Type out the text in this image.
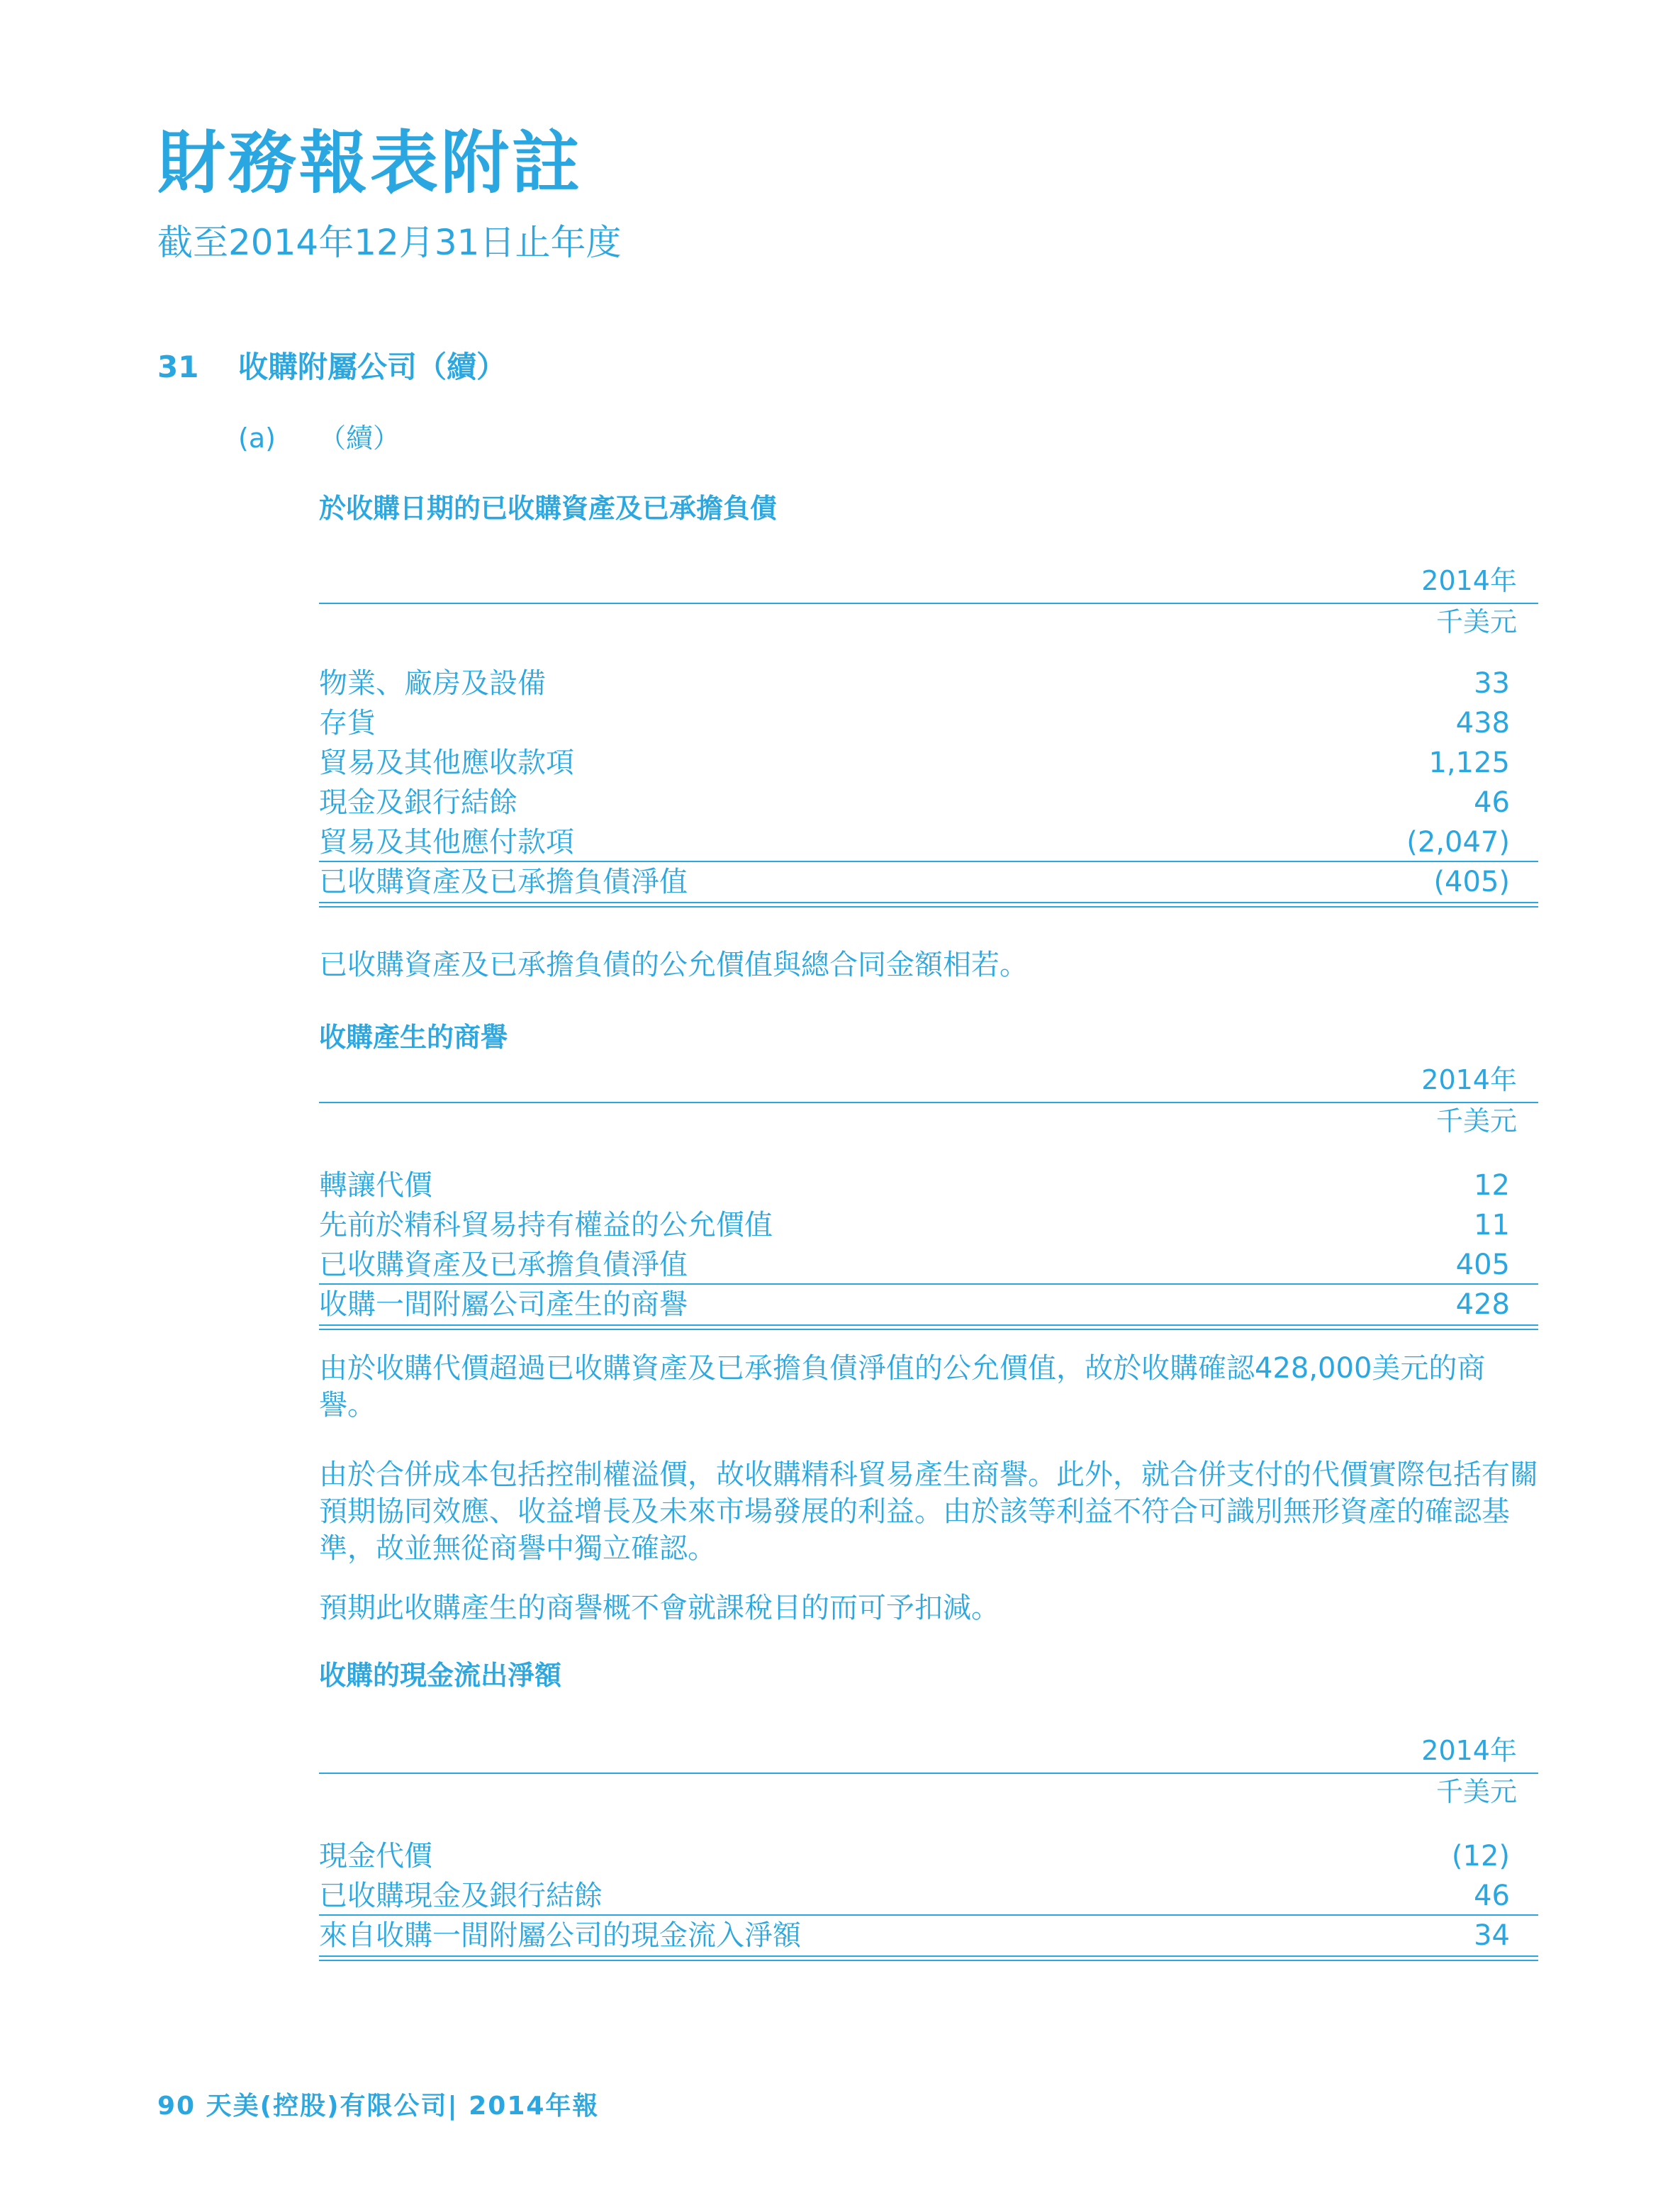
財務報表附註
截至2014年12月31日止年度
31 收購附屬公司（續）
(a) （續）
於收購日期的已收購資產及已承擔負債
2014年
千美元
物業、廠房及設備	33
存貨	438
貿易及其他應收款項	1,125
現金及銀行結餘	46
貿易及其他應付款項	(2,047)
已收購資產及已承擔負債淨值	(405)
已收購資產及已承擔負債的公允價值與總合同金額相若。
收購產生的商譽
2014年
千美元
轉讓代價	12
先前於精科貿易持有權益的公允價值	11
已收購資產及已承擔負債淨值	405
收購一間附屬公司產生的商譽	428
由於收購代價超過已收購資產及已承擔負債淨值的公允價值，故於收購確認428,000美元的商譽。
由於合併成本包括控制權溢價，故收購精科貿易產生商譽。此外，就合併支付的代價實際包括有關預期協同效應、收益增長及未來市場發展的利益。由於該等利益不符合可識別無形資產的確認基準，故並無從商譽中獨立確認。
預期此收購產生的商譽概不會就課稅目的而可予扣減。
收購的現金流出淨額
2014年
千美元
現金代價	(12)
已收購現金及銀行結餘	46
來自收購一間附屬公司的現金流入淨額	34
90 天美(控股)有限公司| 2014年報
